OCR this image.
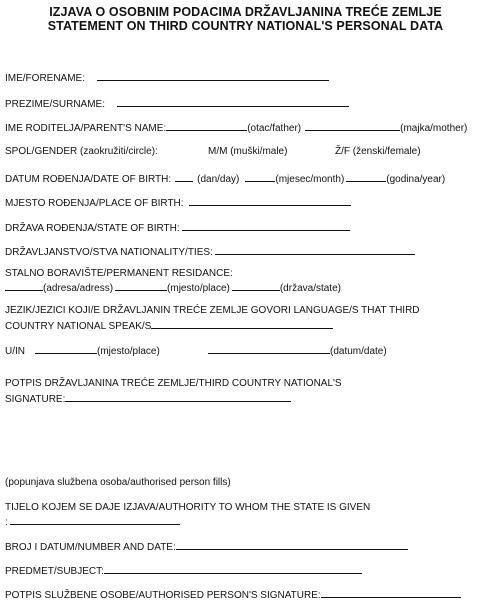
IZJAVA O OSOBNIM PODACIMA DRŽAVLJANINA TREĆE ZEMLJE
STATEMENT ON THIRD COUNTRY NATIONAL'S PERSONAL DATA
IME/FORENAME:
PREZIME/SURNAME:
IME RODITELJA/PARENT'S NAME:	(otac/father)	(majka/mother)
SPOL/GENDER (zaokružiti/circle):	M/M (muški/male)	Ž/F (ženski/female)
DATUM ROĐENJA/DATE OF BIRTH:	(dan/day)	(mjesec/month)	(godina/year)
MJESTO ROĐENJA/PLACE OF BIRTH:
DRŽAVA ROĐENJA/STATE OF BIRTH:
DRŽAVLJANSTVO/STVA NATIONALITY/TIES:
STALNO BORAVIŠTE/PERMANENT RESIDANCE:
(adresa/adress)	(mjesto/place)	(država/state)
JEZIK/JEZICI KOJI/E DRŽAVLJANIN TREĆE ZEMLJE GOVORI LANGUAGE/S THAT THIRD
COUNTRY NATIONAL SPEAK/S
U/IN	(mjesto/place)	(datum/date)
POTPIS DRŽAVLJANINA TREĆE ZEMLJE/THIRD COUNTRY NATIONAL'S
SIGNATURE:
(popunjava službena osoba/authorised person fills)
TIJELO KOJEM SE DAJE IZJAVA/AUTHORITY TO WHOM THE STATE IS GIVEN
:
BROJ I DATUM/NUMBER AND DATE:
PREDMET/SUBJECT:
POTPIS SLUŽBENE OSOBE/AUTHORISED PERSON'S SIGNATURE:
